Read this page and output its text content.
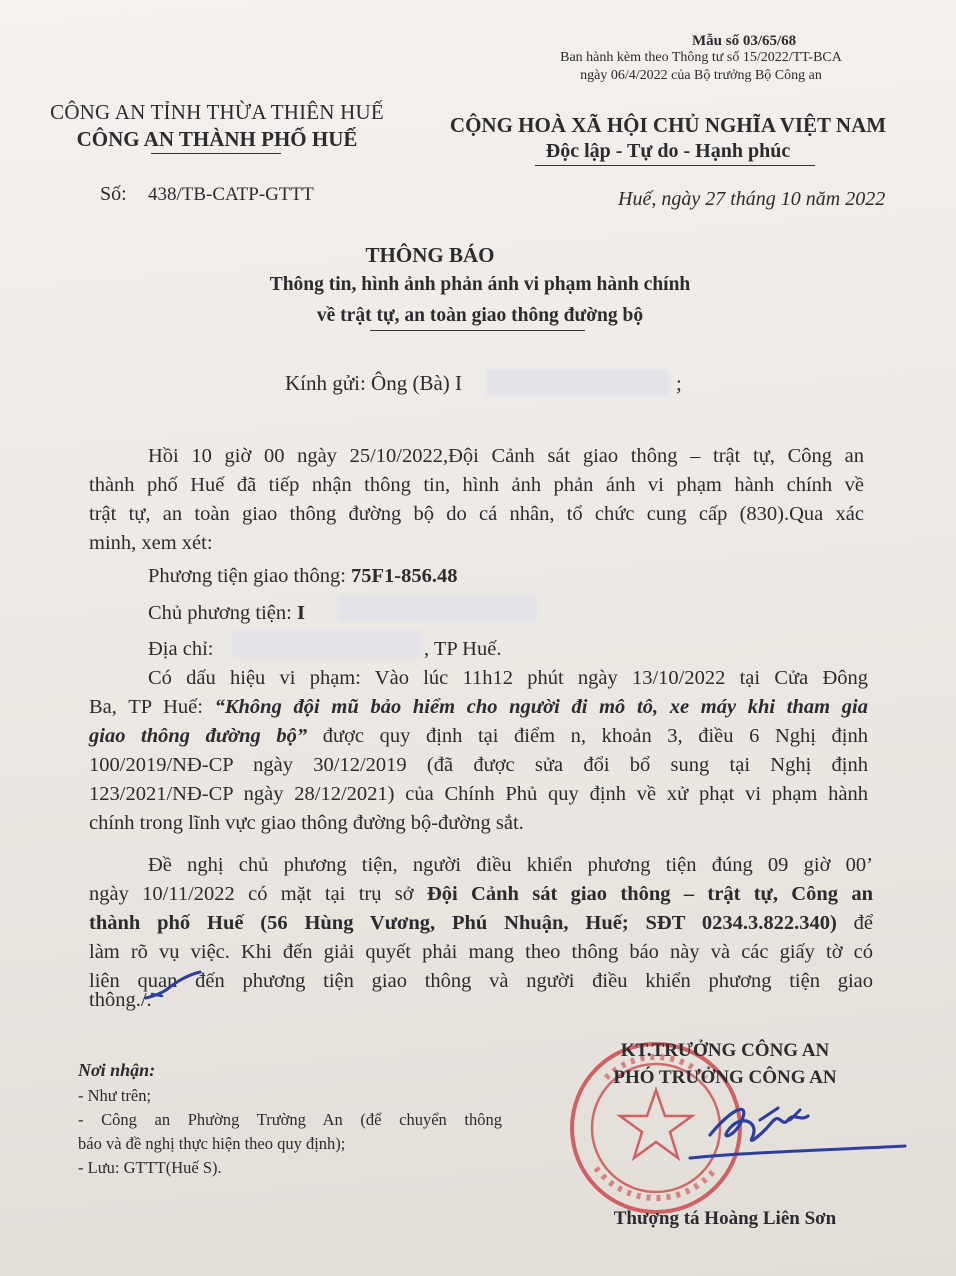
Mẫu số 03/65/68
Ban hành kèm theo Thông tư số 15/2022/TT-BCA
ngày 06/4/2022 của Bộ trưởng Bộ Công an
CÔNG AN TỈNH THỪA THIÊN HUẾ
CÔNG AN THÀNH PHỐ HUẾ
Số: 438/TB-CATP-GTTT
CỘNG HOÀ XÃ HỘI CHỦ NGHĨA VIỆT NAM
Độc lập - Tự do - Hạnh phúc
Huế, ngày 27 tháng 10 năm 2022
THÔNG BÁO
Thông tin, hình ảnh phản ánh vi phạm hành chính
về trật tự, an toàn giao thông đường bộ
Kính gửi: Ông (Bà) I	;
Hồi 10 giờ 00 ngày 25/10/2022,Đội Cảnh sát giao thông – trật tự, Công an
thành phố Huế đã tiếp nhận thông tin, hình ảnh phản ánh vi phạm hành chính về
trật tự, an toàn giao thông đường bộ do cá nhân, tổ chức cung cấp (830).Qua xác
minh, xem xét:
Phương tiện giao thông: 75F1-856.48
Chủ phương tiện: I
Địa chỉ:	, TP Huế.
Có dấu hiệu vi phạm: Vào lúc 11h12 phút ngày 13/10/2022 tại Cửa Đông
Ba, TP Huế: “Không đội mũ bảo hiểm cho người đi mô tô, xe máy khi tham gia
giao thông đường bộ” được quy định tại điểm n, khoản 3, điều 6 Nghị định
100/2019/NĐ-CP ngày 30/12/2019 (đã được sửa đổi bổ sung tại Nghị định
123/2021/NĐ-CP ngày 28/12/2021) của Chính Phủ quy định về xử phạt vi phạm hành
chính trong lĩnh vực giao thông đường bộ-đường sắt.
Đề nghị chủ phương tiện, người điều khiển phương tiện đúng 09 giờ 00’
ngày 10/11/2022 có mặt tại trụ sở Đội Cảnh sát giao thông – trật tự, Công an
thành phố Huế (56 Hùng Vương, Phú Nhuận, Huế; SĐT 0234.3.822.340) để
làm rõ vụ việc. Khi đến giải quyết phải mang theo thông báo này và các giấy tờ có
liên quan đến phương tiện giao thông và người điều khiển phương tiện giao
thông./.
Nơi nhận:
- Như trên;
- Công an Phường Trường An (để chuyển thông
báo và đề nghị thực hiện theo quy định);
- Lưu: GTTT(Huế S).
KT.TRƯỞNG CÔNG AN
PHÓ TRƯỞNG CÔNG AN
Thượng tá Hoàng Liên Sơn
